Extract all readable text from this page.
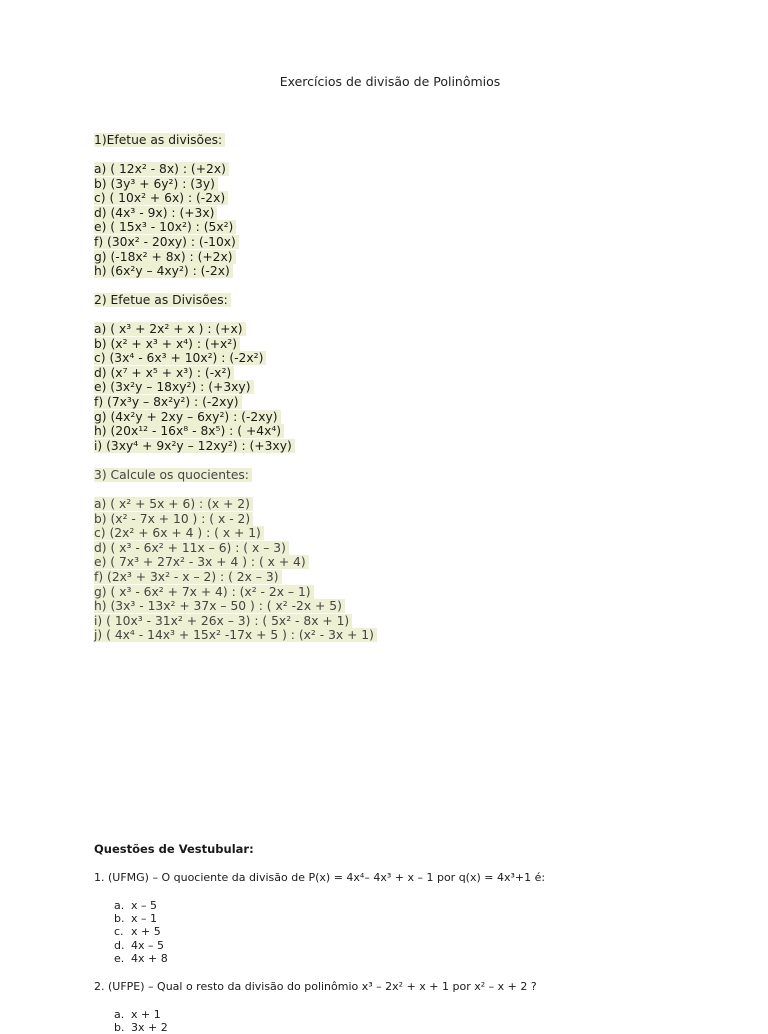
Exercícios de divisão de Polinômios
1)Efetue as divisões:
a) ( 12x² - 8x) : (+2x)
b) (3y³ + 6y²) : (3y)
c) ( 10x² + 6x) : (-2x)
d) (4x³ - 9x) : (+3x)
e) ( 15x³ - 10x²) : (5x²)
f) (30x² - 20xy) : (-10x)
g) (-18x² + 8x) : (+2x)
h) (6x²y – 4xy²) : (-2x)
2) Efetue as Divisões:
a) ( x³ + 2x² + x ) : (+x)
b) (x² + x³ + x⁴) : (+x²)
c) (3x⁴ - 6x³ + 10x²) : (-2x²)
d) (x⁷ + x⁵ + x³) : (-x²)
e) (3x²y – 18xy²) : (+3xy)
f) (7x³y – 8x²y²) : (-2xy)
g) (4x²y + 2xy – 6xy²) : (-2xy)
h) (20x¹² - 16x⁸ - 8x⁵) : ( +4x⁴)
i) (3xy⁴ + 9x²y – 12xy²) : (+3xy)
3) Calcule os quocientes:
a) ( x² + 5x + 6) : (x + 2)
b) (x² - 7x + 10 ) : ( x - 2)
c) (2x² + 6x + 4 ) : ( x + 1)
d) ( x³ - 6x² + 11x – 6) : ( x – 3)
e) ( 7x³ + 27x² - 3x + 4 ) : ( x + 4)
f) (2x³ + 3x² - x – 2) : ( 2x – 3)
g) ( x³ - 6x² + 7x + 4) : (x² - 2x – 1)
h) (3x³ - 13x² + 37x – 50 ) : ( x² -2x + 5)
i) ( 10x³ - 31x² + 26x – 3) : ( 5x² - 8x + 1)
j) ( 4x⁴ - 14x³ + 15x² -17x + 5 ) : (x² - 3x + 1)
Questões de Vestubular:
1. (UFMG) – O quociente da divisão de P(x) = 4x⁴– 4x³ + x – 1 por q(x) = 4x³+1 é:
a. x – 5
b. x – 1
c. x + 5
d. 4x – 5
e. 4x + 8
2. (UFPE) – Qual o resto da divisão do polinômio x³ – 2x² + x + 1 por x² – x + 2 ?
a. x + 1
b. 3x + 2
